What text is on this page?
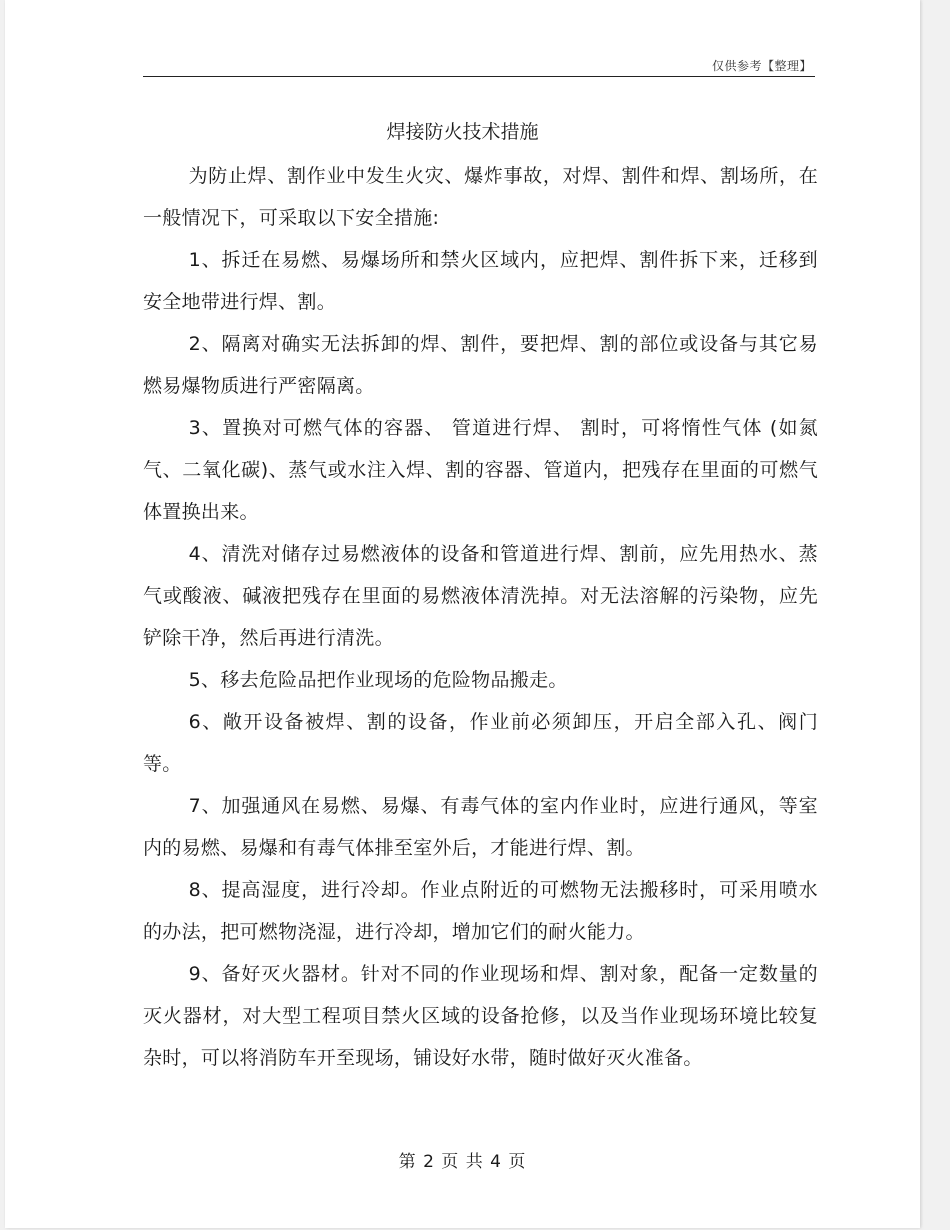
仅供参考【整理】
焊接防火技术措施

为防止焊、割作业中发生火灾、爆炸事故，对焊、割件和焊、割场所，在一般情况下，可采取以下安全措施:

1、拆迁在易燃、易爆场所和禁火区域内，应把焊、割件拆下来，迁移到安全地带进行焊、割。

2、隔离对确实无法拆卸的焊、割件，要把焊、割的部位或设备与其它易燃易爆物质进行严密隔离。

3、置换对可燃气体的容器、 管道进行焊、 割时，可将惰性气体 (如氮气、二氧化碳)、蒸气或水注入焊、割的容器、管道内，把残存在里面的可燃气体置换出来。

4、清洗对储存过易燃液体的设备和管道进行焊、割前，应先用热水、蒸气或酸液、碱液把残存在里面的易燃液体清洗掉。对无法溶解的污染物，应先铲除干净，然后再进行清洗。

5、移去危险品把作业现场的危险物品搬走。

6、敞开设备被焊、割的设备，作业前必须卸压，开启全部入孔、阀门等。

7、加强通风在易燃、易爆、有毒气体的室内作业时，应进行通风，等室内的易燃、易爆和有毒气体排至室外后，才能进行焊、割。

8、提高湿度，进行冷却。作业点附近的可燃物无法搬移时，可采用喷水的办法，把可燃物浇湿，进行冷却，增加它们的耐火能力。

9、备好灭火器材。针对不同的作业现场和焊、割对象，配备一定数量的灭火器材，对大型工程项目禁火区域的设备抢修，以及当作业现场环境比较复杂时，可以将消防车开至现场，铺设好水带，随时做好灭火准备。

第 2 页 共 4 页
